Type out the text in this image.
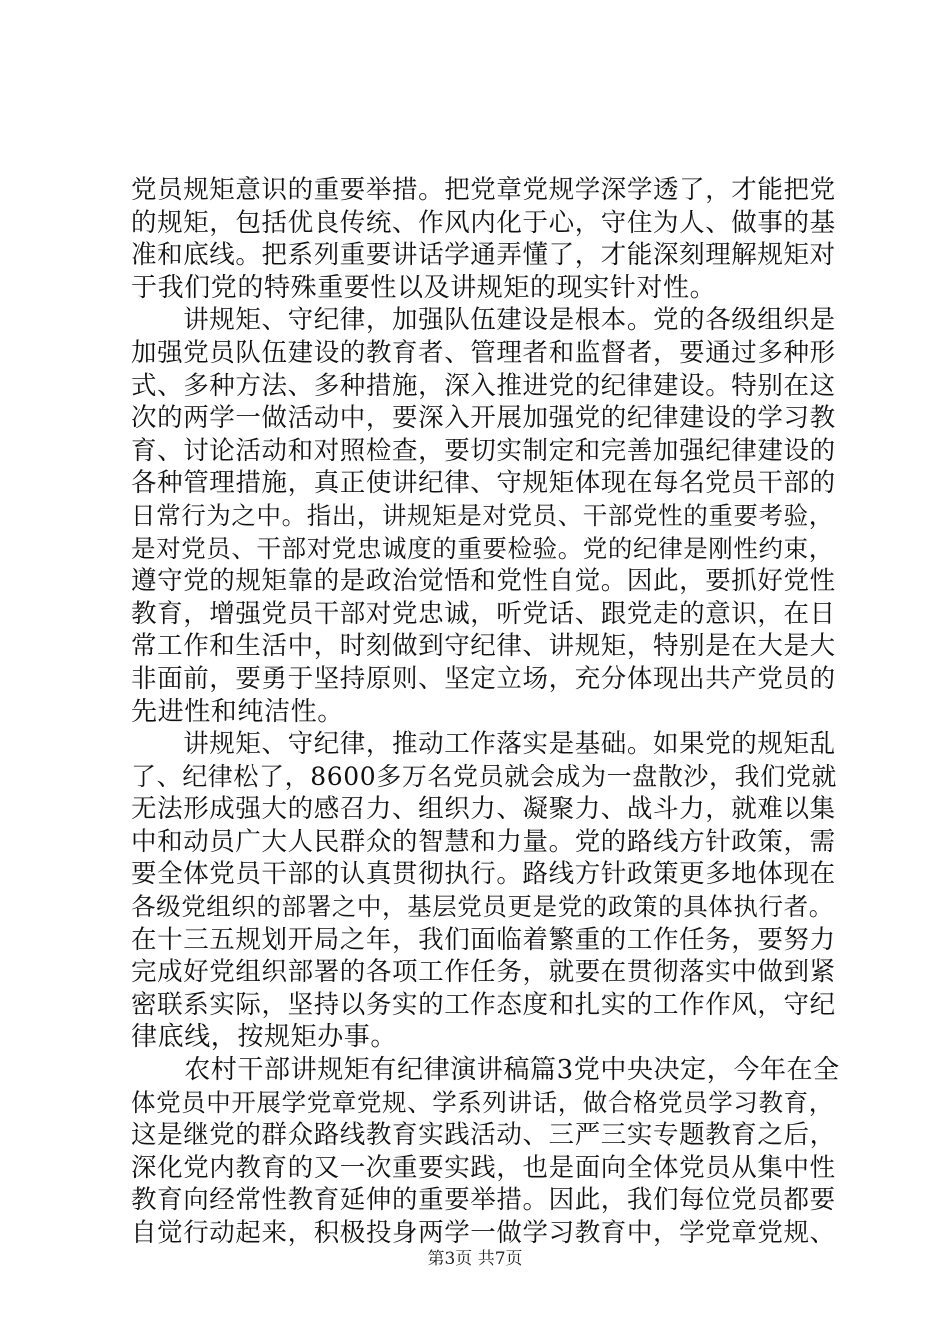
党员规矩意识的重要举措。把党章党规学深学透了，才能把党
的规矩，包括优良传统、作风内化于心，守住为人、做事的基
准和底线。把系列重要讲话学通弄懂了，才能深刻理解规矩对
于我们党的特殊重要性以及讲规矩的现实针对性。
　　讲规矩、守纪律，加强队伍建设是根本。党的各级组织是
加强党员队伍建设的教育者、管理者和监督者，要通过多种形
式、多种方法、多种措施，深入推进党的纪律建设。特别在这
次的两学一做活动中，要深入开展加强党的纪律建设的学习教
育、讨论活动和对照检查，要切实制定和完善加强纪律建设的
各种管理措施，真正使讲纪律、守规矩体现在每名党员干部的
日常行为之中。指出，讲规矩是对党员、干部党性的重要考验，
是对党员、干部对党忠诚度的重要检验。党的纪律是刚性约束，
遵守党的规矩靠的是政治觉悟和党性自觉。因此，要抓好党性
教育，增强党员干部对党忠诚，听党话、跟党走的意识，在日
常工作和生活中，时刻做到守纪律、讲规矩，特别是在大是大
非面前，要勇于坚持原则、坚定立场，充分体现出共产党员的
先进性和纯洁性。
　　讲规矩、守纪律，推动工作落实是基础。如果党的规矩乱
了、纪律松了，8600多万名党员就会成为一盘散沙，我们党就
无法形成强大的感召力、组织力、凝聚力、战斗力，就难以集
中和动员广大人民群众的智慧和力量。党的路线方针政策，需
要全体党员干部的认真贯彻执行。路线方针政策更多地体现在
各级党组织的部署之中，基层党员更是党的政策的具体执行者。
在十三五规划开局之年，我们面临着繁重的工作任务，要努力
完成好党组织部署的各项工作任务，就要在贯彻落实中做到紧
密联系实际，坚持以务实的工作态度和扎实的工作作风，守纪
律底线，按规矩办事。
　　农村干部讲规矩有纪律演讲稿篇3党中央决定，今年在全
体党员中开展学党章党规、学系列讲话，做合格党员学习教育，
这是继党的群众路线教育实践活动、三严三实专题教育之后，
深化党内教育的又一次重要实践，也是面向全体党员从集中性
教育向经常性教育延伸的重要举措。因此，我们每位党员都要
自觉行动起来，积极投身两学一做学习教育中，学党章党规、
第3页 共7页
